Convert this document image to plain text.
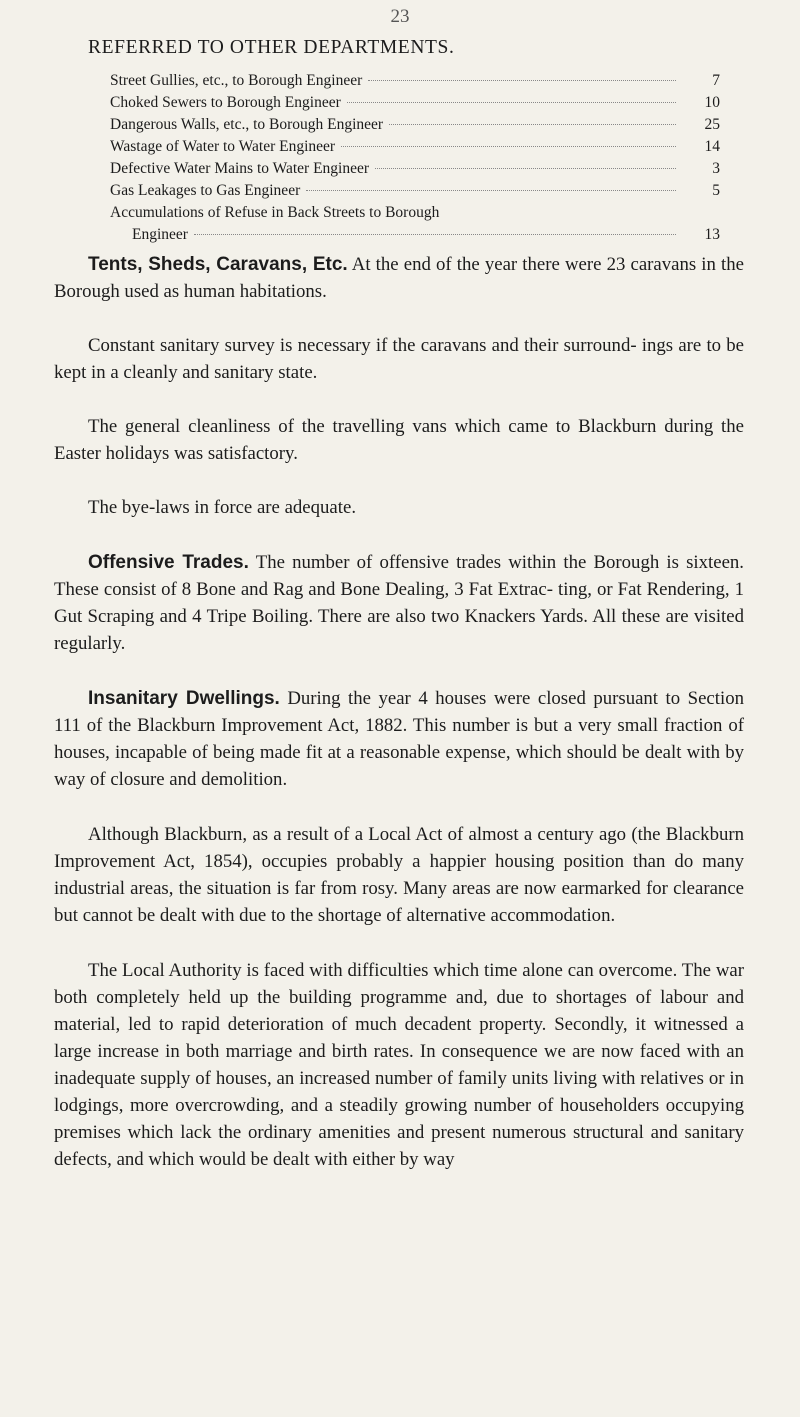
23
REFERRED TO OTHER DEPARTMENTS.
Street Gullies, etc., to Borough Engineer	7
Choked Sewers to Borough Engineer	10
Dangerous Walls, etc., to Borough Engineer	25
Wastage of Water to Water Engineer	14
Defective Water Mains to Water Engineer	3
Gas Leakages to Gas Engineer	5
Accumulations of Refuse in Back Streets to Borough
Engineer	13

Tents, Sheds, Caravans, Etc. At the end of the year there were 23 caravans in the Borough used as human habitations.

Constant sanitary survey is necessary if the caravans and their surround- ings are to be kept in a cleanly and sanitary state.

The general cleanliness of the travelling vans which came to Blackburn during the Easter holidays was satisfactory.

The bye-laws in force are adequate.

Offensive Trades. The number of offensive trades within the Borough is sixteen. These consist of 8 Bone and Rag and Bone Dealing, 3 Fat Extrac- ting, or Fat Rendering, 1 Gut Scraping and 4 Tripe Boiling. There are also two Knackers Yards. All these are visited regularly.

Insanitary Dwellings. During the year 4 houses were closed pursuant to Section 111 of the Blackburn Improvement Act, 1882. This number is but a very small fraction of houses, incapable of being made fit at a reasonable expense, which should be dealt with by way of closure and demolition.

Although Blackburn, as a result of a Local Act of almost a century ago (the Blackburn Improvement Act, 1854), occupies probably a happier housing position than do many industrial areas, the situation is far from rosy. Many areas are now earmarked for clearance but cannot be dealt with due to the shortage of alternative accommodation.

The Local Authority is faced with difficulties which time alone can overcome. The war both completely held up the building programme and, due to shortages of labour and material, led to rapid deterioration of much decadent property. Secondly, it witnessed a large increase in both marriage and birth rates. In consequence we are now faced with an inadequate supply of houses, an increased number of family units living with relatives or in lodgings, more overcrowding, and a steadily growing number of householders occupying premises which lack the ordinary amenities and present numerous structural and sanitary defects, and which would be dealt with either by way
